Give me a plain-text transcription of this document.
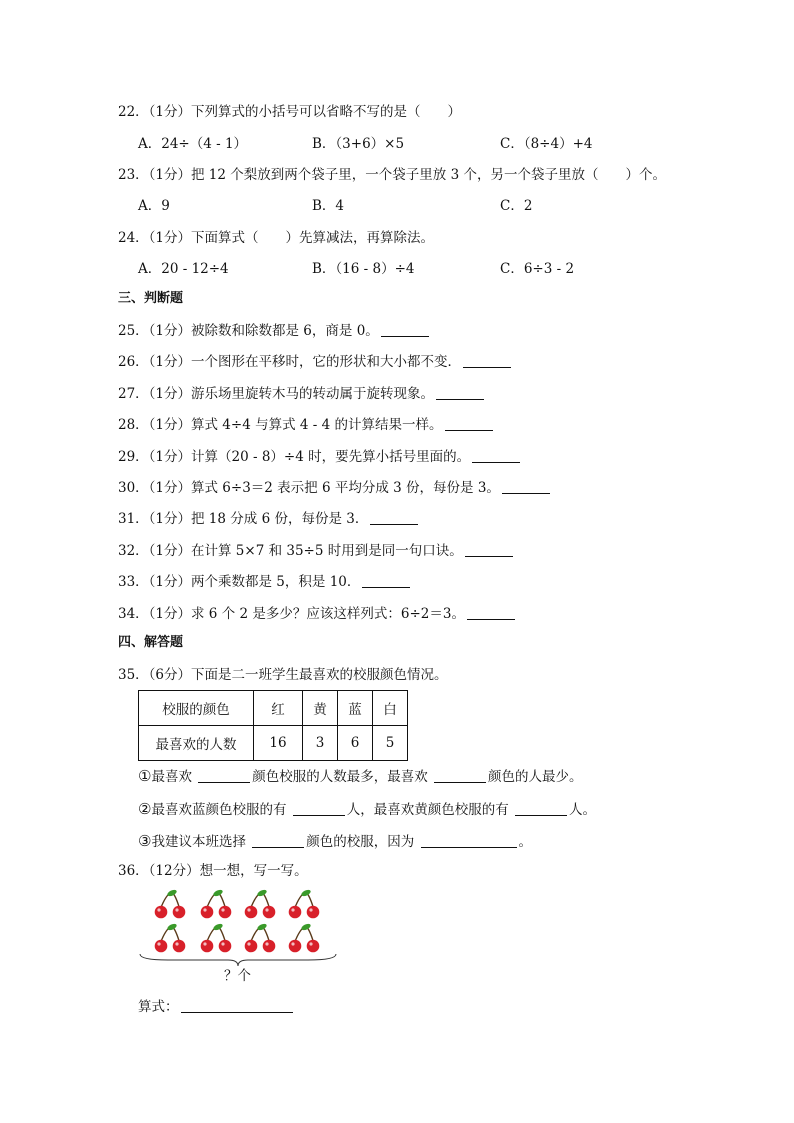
22．（1分）下列算式的小括号可以省略不写的是（　　）
A．24÷（4 - 1）	B．（3+6）×5	C．（8÷4）+4
23．（1分）把 12 个梨放到两个袋子里，一个袋子里放 3 个，另一个袋子里放（　　）个。
A．9	B．4	C．2
24．（1分）下面算式（　　）先算减法，再算除法。
A．20 - 12÷4	B．（16 - 8）÷4	C．6÷3 - 2
三、判断题
25．（1分）被除数和除数都是 6，商是 0。
26．（1分）一个图形在平移时，它的形状和大小都不变．
27．（1分）游乐场里旋转木马的转动属于旋转现象。
28．（1分）算式 4÷4 与算式 4 - 4 的计算结果一样。
29．（1分）计算（20 - 8）÷4 时，要先算小括号里面的。
30．（1分）算式 6÷3＝2 表示把 6 平均分成 3 份，每份是 3。
31．（1分）把 18 分成 6 份，每份是 3．
32．（1分）在计算 5×7 和 35÷5 时用到是同一句口诀。
33．（1分）两个乘数都是 5，积是 10．
34．（1分）求 6 个 2 是多少？应该这样列式：6÷2＝3。
四、解答题
35．（6分）下面是二一班学生最喜欢的校服颜色情况。
校服的颜色	红	黄	蓝	白
最喜欢的人数	16	3	6	5
①最喜欢	颜色校服的人数最多，最喜欢	颜色的人最少。
②最喜欢蓝颜色校服的有	人，最喜欢黄颜色校服的有	人。
③我建议本班选择	颜色的校服，因为	。
36．（12分）想一想，写一写。
？个
算式：
